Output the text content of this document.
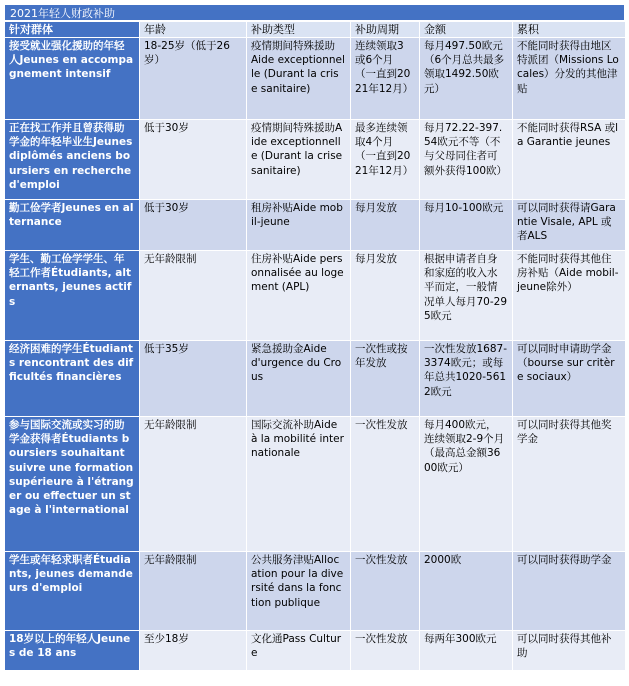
2021年轻人财政补助
针对群体	年龄	补助类型	补助周期	金额	累积
接受就业强化援助的年轻人Jeunes en accompagnement intensif	18-25岁（低于26岁）	疫情期间特殊援助 Aide exceptionnelle (Durant la crise sanitaire)	连续领取3或6个月（一直到2021年12月）	每月497.50欧元（6个月总共最多领取1492.50欧元）	不能同时获得由地区特派团（Missions Locales）分发的其他津贴
正在找工作并且曾获得助学金的年轻毕业生Jeunes diplômés anciens boursiers en recherche d'emploi	低于30岁	疫情期间特殊援助Aide exceptionnelle (Durant la crise sanitaire)	最多连续领取4个月（一直到2021年12月）	每月72.22-397.54欧元不等（不与父母同住者可额外获得100欧）	不能同时获得RSA 或la Garantie jeunes
勤工俭学者Jeunes en alternance	低于30岁	租房补贴Aide mobil-jeune	每月发放	每月10-100欧元	可以同时获得请Garantie Visale, APL 或者ALS
学生、勤工俭学学生、年轻工作者Étudiants, alternants, jeunes actifs	无年龄限制	住房补贴Aide personnalisée au logement (APL)	每月发放	根据申请者自身和家庭的收入水平而定，一般情况单人每月70-295欧元	不能同时获得其他住房补贴（Aide mobil-jeune除外）
经济困难的学生Étudiants rencontrant des difficultés financières	低于35岁	紧急援助金Aide d'urgence du Crous	一次性或按年发放	一次性发放1687-3374欧元；或每年总共1020-5612欧元	可以同时申请助学金（bourse sur critère sociaux）
参与国际交流或实习的助学金获得者Étudiants boursiers souhaitant suivre une formation supérieure à l'étranger ou effectuer un stage à l'international	无年龄限制	国际交流补助Aide à la mobilité internationale	一次性发放	每月400欧元，连续领取2-9个月（最高总金额3600欧元）	可以同时获得其他奖学金
学生或年轻求职者Étudiants, jeunes demandeurs d'emploi	无年龄限制	公共服务津贴Allocation pour la diversité dans la fonction publique	一次性发放	2000欧	可以同时获得助学金
18岁以上的年轻人Jeunes de 18 ans	至少18岁	文化通Pass Culture	一次性发放	每两年300欧元	可以同时获得其他补助
